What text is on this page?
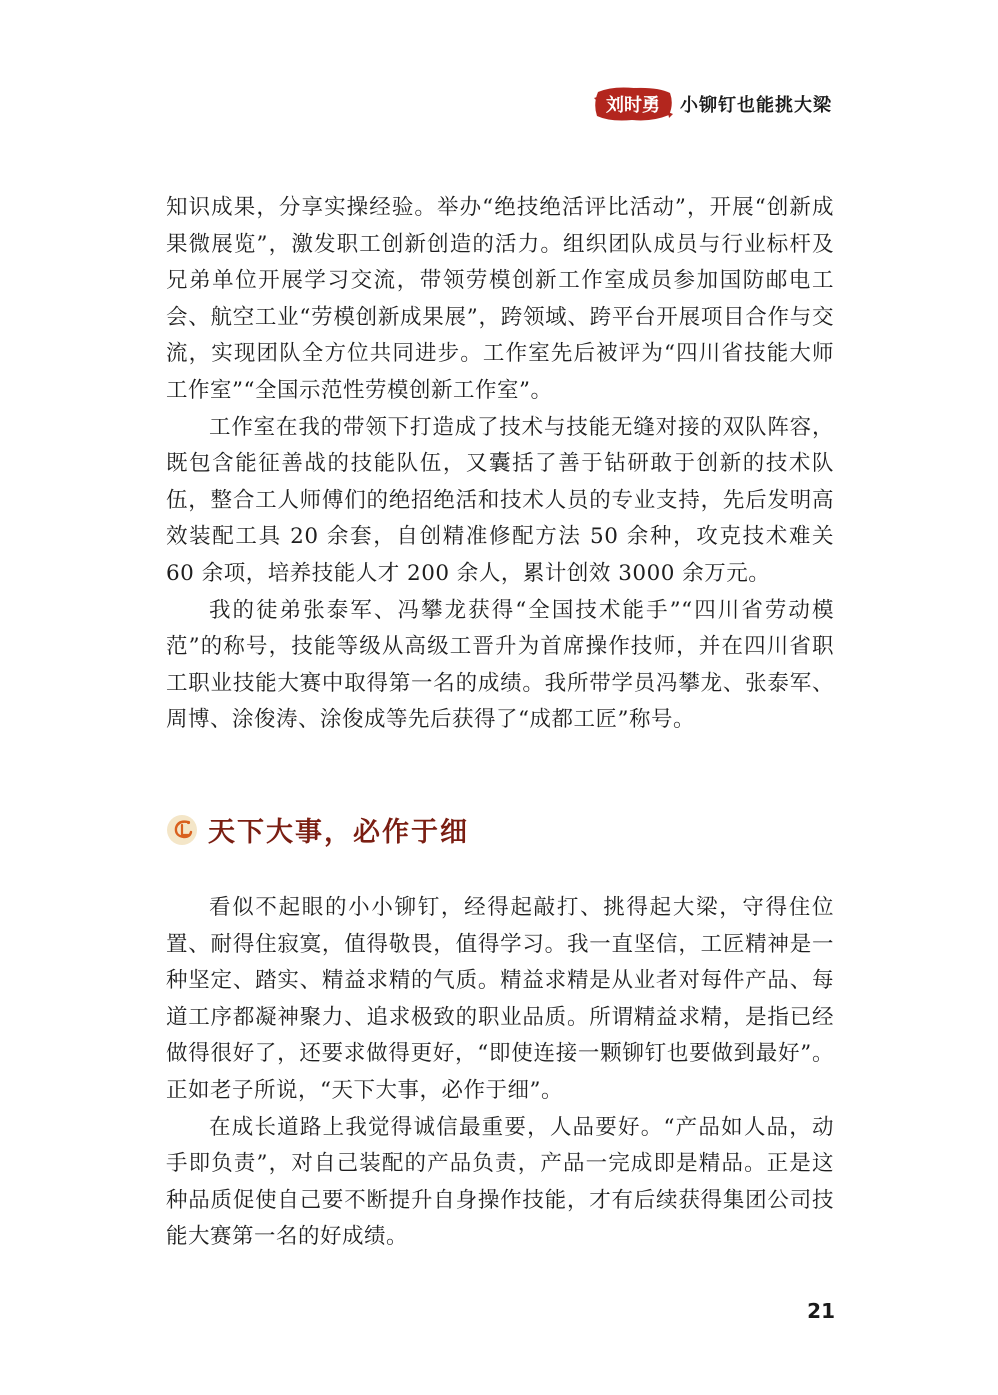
刘时勇 小铆钉也能挑大梁

知识成果，分享实操经验。举办“绝技绝活评比活动”，开展“创新成果微展览”，激发职工创新创造的活力。组织团队成员与行业标杆及兄弟单位开展学习交流，带领劳模创新工作室成员参加国防邮电工会、航空工业“劳模创新成果展”，跨领域、跨平台开展项目合作与交流，实现团队全方位共同进步。工作室先后被评为“四川省技能大师工作室”“全国示范性劳模创新工作室”。

工作室在我的带领下打造成了技术与技能无缝对接的双队阵容，既包含能征善战的技能队伍，又囊括了善于钻研敢于创新的技术队伍，整合工人师傅们的绝招绝活和技术人员的专业支持，先后发明高效装配工具 20 余套，自创精准修配方法 50 余种，攻克技术难关 60 余项，培养技能人才 200 余人，累计创效 3000 余万元。

我的徒弟张泰军、冯攀龙获得“全国技术能手”“四川省劳动模范”的称号，技能等级从高级工晋升为首席操作技师，并在四川省职工职业技能大赛中取得第一名的成绩。我所带学员冯攀龙、张泰军、周博、涂俊涛、涂俊成等先后获得了“成都工匠”称号。

看似不起眼的小小铆钉，经得起敲打、挑得起大梁，守得住位置、耐得住寂寞，值得敬畏，值得学习。我一直坚信，工匠精神是一种坚定、踏实、精益求精的气质。精益求精是从业者对每件产品、每道工序都凝神聚力、追求极致的职业品质。所谓精益求精，是指已经做得很好了，还要求做得更好，“即使连接一颗铆钉也要做到最好”。正如老子所说，“天下大事，必作于细”。

在成长道路上我觉得诚信最重要，人品要好。“产品如人品，动手即负责”，对自己装配的产品负责，产品一完成即是精品。正是这种品质促使自己要不断提升自身操作技能，才有后续获得集团公司技能大赛第一名的好成绩。

天下大事，必作于细
21
